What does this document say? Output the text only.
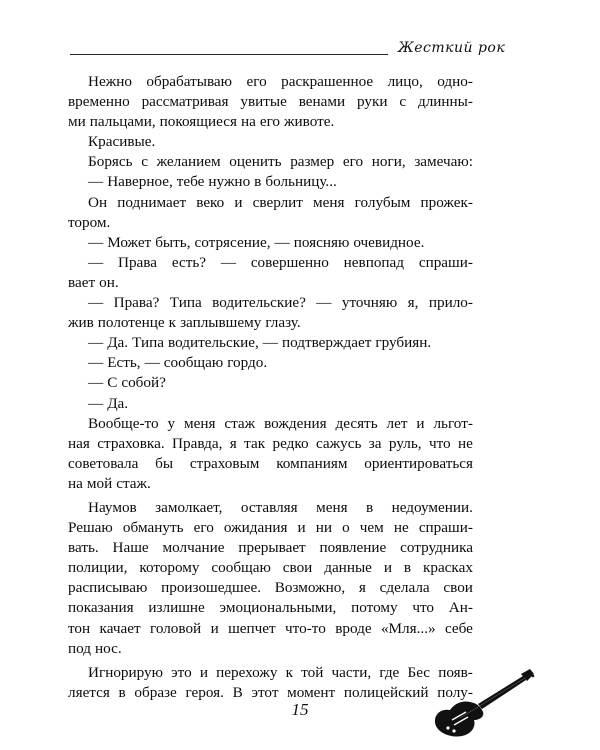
Жесткий рок
Нежно обрабатываю его раскрашенное лицо, одно-
временно рассматривая увитые венами руки с длинны-
ми пальцами, покоящиеся на его животе.
Красивые.
Борясь с желанием оценить размер его ноги, замечаю:
— Наверное, тебе нужно в больницу...
Он поднимает веко и сверлит меня голубым прожек-
тором.
— Может быть, сотрясение, — поясняю очевидное.
— Права есть? — совершенно невпопад спраши-
вает он.
— Права? Типа водительские? — уточняю я, прило-
жив полотенце к заплывшему глазу.
— Да. Типа водительские, — подтверждает грубиян.
— Есть, — сообщаю гордо.
— С собой?
— Да.
Вообще-то у меня стаж вождения десять лет и льгот-
ная страховка. Правда, я так редко сажусь за руль, что не
советовала бы страховым компаниям ориентироваться
на мой стаж.
Наумов замолкает, оставляя меня в недоумении.
Решаю обмануть его ожидания и ни о чем не спраши-
вать. Наше молчание прерывает появление сотрудника
полиции, которому сообщаю свои данные и в красках
расписываю произошедшее. Возможно, я сделала свои
показания излишне эмоциональными, потому что Ан-
тон качает головой и шепчет что-то вроде «Мля...» себе
под нос.
Игнорирую это и перехожу к той части, где Бес появ-
ляется в образе героя. В этот момент полицейский полу-
15
